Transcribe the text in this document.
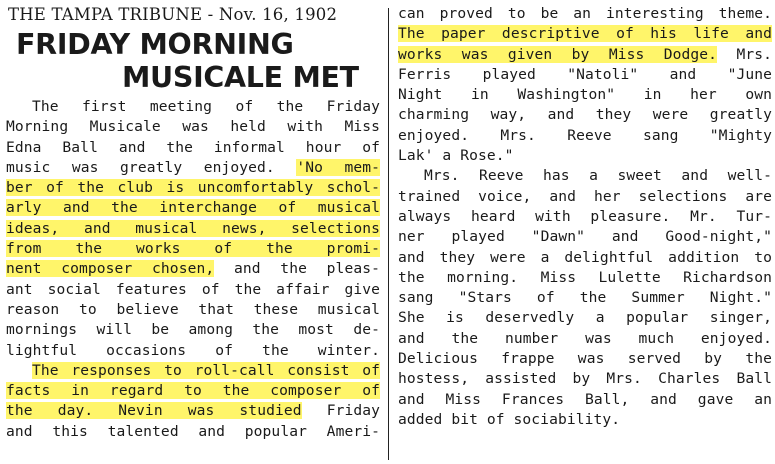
THE TAMPA TRIBUNE - Nov. 16, 1902
FRIDAY MORNING
MUSICALE MET
The first meeting of the Friday
Morning Musicale was held with Miss
Edna Ball and the informal hour of
music was greatly enjoyed. 'No mem-
ber of the club is uncomfortably schol-
arly and the interchange of musical
ideas, and musical news, selections
from the works of the promi-
nent composer chosen, and the pleas-
ant social features of the affair give
reason to believe that these musical
mornings will be among the most de-
lightful occasions of the winter.
The responses to roll-call consist of
facts in regard to the composer of
the day. Nevin was studied Friday
and this talented and popular Ameri-
can proved to be an interesting theme.
The paper descriptive of his life and
works was given by Miss Dodge. Mrs.
Ferris played "Natoli" and "June
Night in Washington" in her own
charming way, and they were greatly
enjoyed. Mrs. Reeve sang "Mighty
Lak' a Rose."
Mrs. Reeve has a sweet and well-
trained voice, and her selections are
always heard with pleasure. Mr. Tur-
ner played "Dawn" and Good-night,"
and they were a delightful addition to
the morning. Miss Lulette Richardson
sang "Stars of the Summer Night."
She is deservedly a popular singer,
and the number was much enjoyed.
Delicious frappe was served by the
hostess, assisted by Mrs. Charles Ball
and Miss Frances Ball, and gave an
added bit of sociability.
